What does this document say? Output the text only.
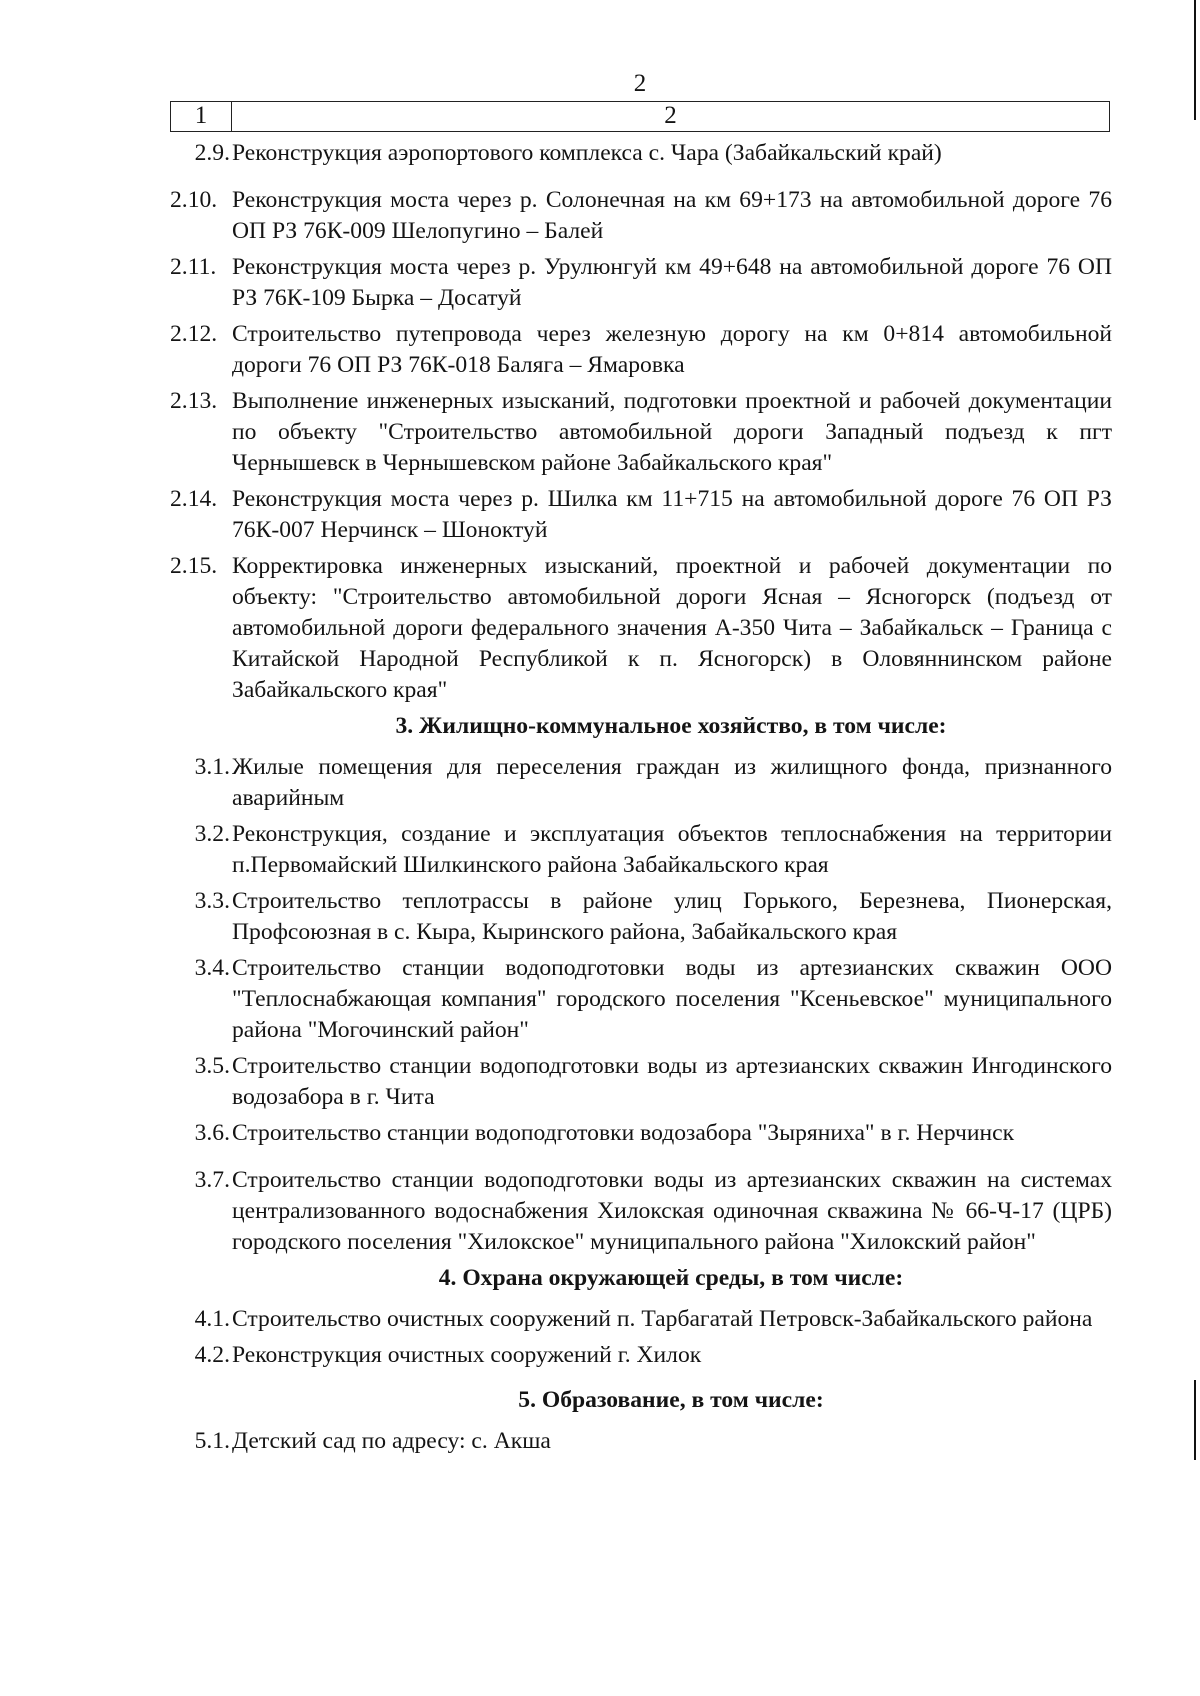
2
1	2
2.9. Реконструкция аэропортового комплекса с. Чара (Забайкальский край)
2.10. Реконструкция моста через р. Солонечная на км 69+173 на автомобильной дороге 76 ОП РЗ 76К-009 Шелопугино – Балей
2.11. Реконструкция моста через р. Урулюнгуй км 49+648 на автомобильной дороге 76 ОП РЗ 76К-109 Бырка – Досатуй
2.12. Строительство путепровода через железную дорогу на км 0+814 автомобильной дороги 76 ОП РЗ 76К-018 Баляга – Ямаровка
2.13. Выполнение инженерных изысканий, подготовки проектной и рабочей документации по объекту "Строительство автомобильной дороги Западный подъезд к пгт Чернышевск в Чернышевском районе Забайкальского края"
2.14. Реконструкция моста через р. Шилка км 11+715 на автомобильной дороге 76 ОП РЗ 76К-007 Нерчинск – Шоноктуй
2.15. Корректировка инженерных изысканий, проектной и рабочей документации по объекту: "Строительство автомобильной дороги Ясная – Ясногорск (подъезд от автомобильной дороги федерального значения А-350 Чита – Забайкальск – Граница с Китайской Народной Республикой к п. Ясногорск) в Оловяннинском районе Забайкальского края"
3. Жилищно-коммунальное хозяйство, в том числе:
3.1. Жилые помещения для переселения граждан из жилищного фонда, признанного аварийным
3.2. Реконструкция, создание и эксплуатация объектов теплоснабжения на территории п.Первомайский Шилкинского района Забайкальского края
3.3. Строительство теплотрассы в районе улиц Горького, Березнева, Пионерская, Профсоюзная в с. Кыра, Кыринского района, Забайкальского края
3.4. Строительство станции водоподготовки воды из артезианских скважин ООО "Теплоснабжающая компания" городского поселения "Ксеньевское" муниципального района "Могочинский район"
3.5. Строительство станции водоподготовки воды из артезианских скважин Ингодинского водозабора в г. Чита
3.6. Строительство станции водоподготовки водозабора "Зыряниха" в г. Нерчинск
3.7. Строительство станции водоподготовки воды из артезианских скважин на системах централизованного водоснабжения Хилокская одиночная скважина № 66-Ч-17 (ЦРБ) городского поселения "Хилокское" муниципального района "Хилокский район"
4. Охрана окружающей среды, в том числе:
4.1. Строительство очистных сооружений п. Тарбагатай Петровск-Забайкальского района
4.2. Реконструкция очистных сооружений г. Хилок
5. Образование, в том числе:
5.1. Детский сад по адресу: с. Акша
